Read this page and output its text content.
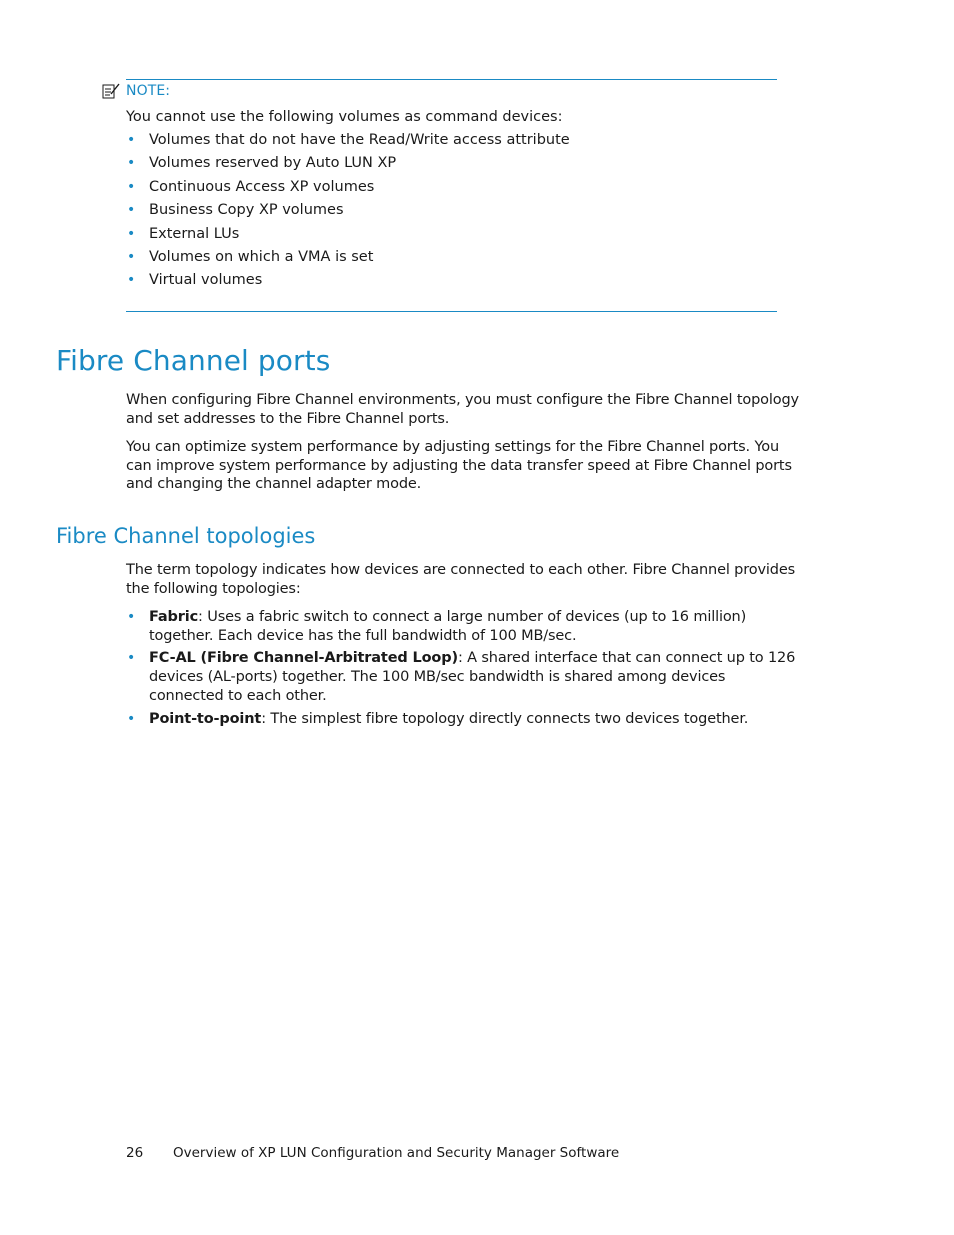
NOTE:
You cannot use the following volumes as command devices:
• Volumes that do not have the Read/Write access attribute
• Volumes reserved by Auto LUN XP
• Continuous Access XP volumes
• Business Copy XP volumes
• External LUs
• Volumes on which a VMA is set
• Virtual volumes
Fibre Channel ports

When configuring Fibre Channel environments, you must configure the Fibre Channel topology and set addresses to the Fibre Channel ports.

You can optimize system performance by adjusting settings for the Fibre Channel ports. You can improve system performance by adjusting the data transfer speed at Fibre Channel ports and changing the channel adapter mode.

Fibre Channel topologies

The term topology indicates how devices are connected to each other. Fibre Channel provides the following topologies:

• Fabric: Uses a fabric switch to connect a large number of devices (up to 16 million) together. Each device has the full bandwidth of 100 MB/sec.
• FC-AL (Fibre Channel-Arbitrated Loop): A shared interface that can connect up to 126 devices (AL-ports) together. The 100 MB/sec bandwidth is shared among devices connected to each other.
• Point-to-point: The simplest fibre topology directly connects two devices together.
26 Overview of XP LUN Configuration and Security Manager Software
